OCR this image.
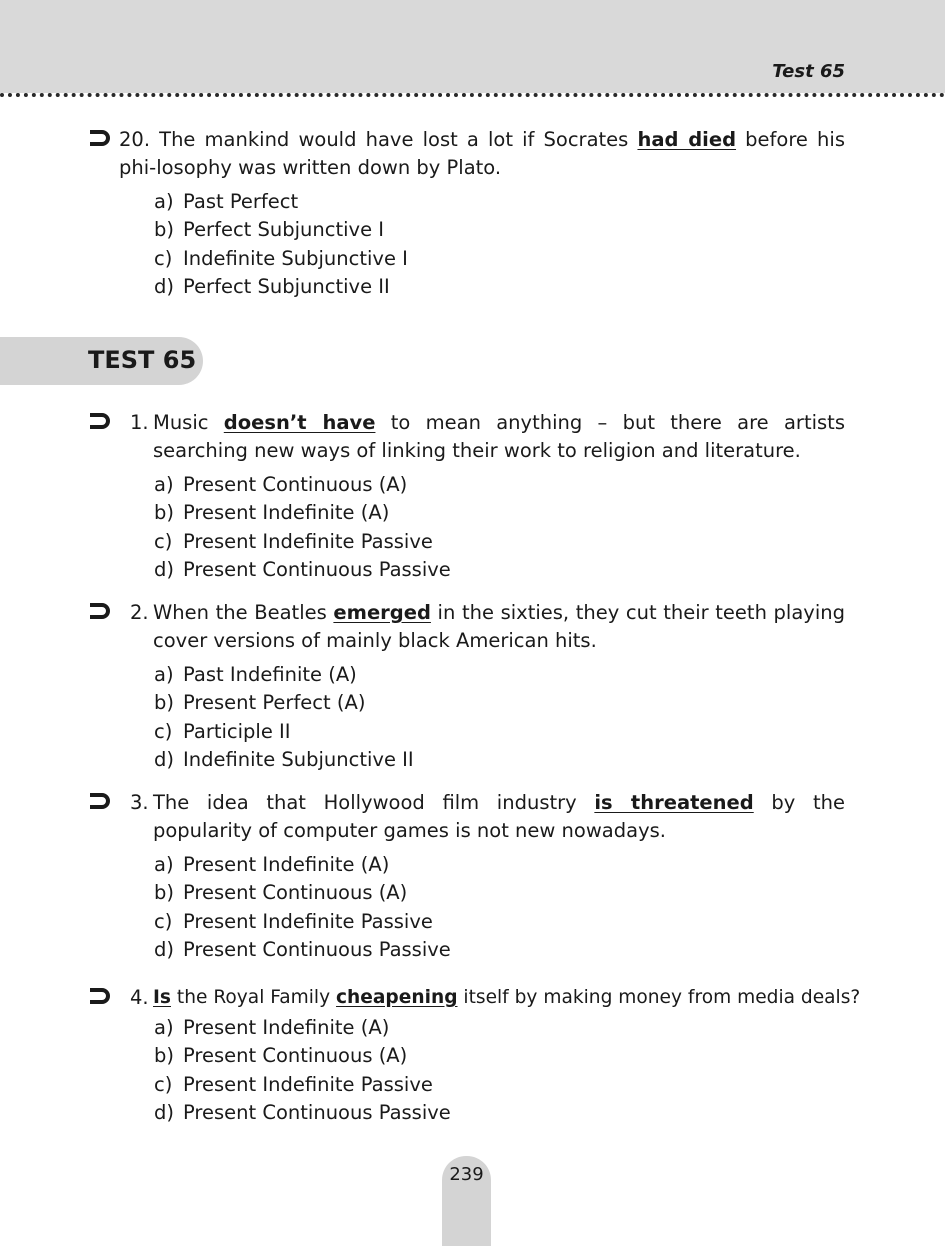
Test 65
20. The mankind would have lost a lot if Socrates had died before his phi-losophy was written down by Plato.
a) Past Perfect
b) Perfect Subjunctive I
c) Indefinite Subjunctive I
d) Perfect Subjunctive II
TEST 65
1. Music doesn’t have to mean anything – but there are artists searching new ways of linking their work to religion and literature.
a) Present Continuous (A)
b) Present Indefinite (A)
c) Present Indefinite Passive
d) Present Continuous Passive
2. When the Beatles emerged in the sixties, they cut their teeth playing cover versions of mainly black American hits.
a) Past Indefinite (A)
b) Present Perfect (A)
c) Participle II
d) Indefinite Subjunctive II
3. The idea that Hollywood film industry is threatened by the popularity of computer games is not new nowadays.
a) Present Indefinite (A)
b) Present Continuous (A)
c) Present Indefinite Passive
d) Present Continuous Passive
4. Is the Royal Family cheapening itself by making money from media deals?
a) Present Indefinite (A)
b) Present Continuous (A)
c) Present Indefinite Passive
d) Present Continuous Passive
239
